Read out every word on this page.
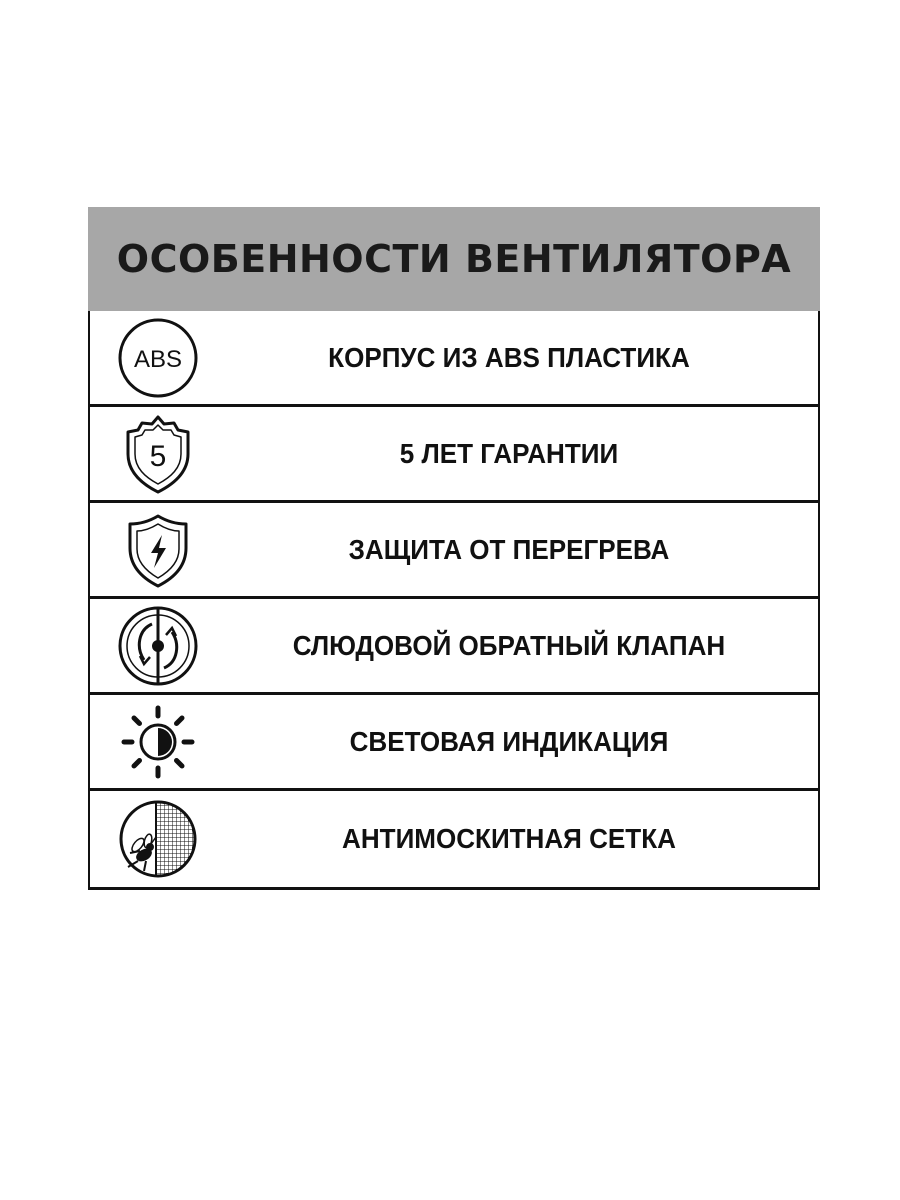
ОСОБЕННОСТИ ВЕНТИЛЯТОРА
ABS	КОРПУС ИЗ ABS ПЛАСТИКА
5	5 ЛЕТ ГАРАНТИИ
ЗАЩИТА ОТ ПЕРЕГРЕВА
СЛЮДОВОЙ ОБРАТНЫЙ КЛАПАН
СВЕТОВАЯ ИНДИКАЦИЯ
АНТИМОСКИТНАЯ СЕТКА
